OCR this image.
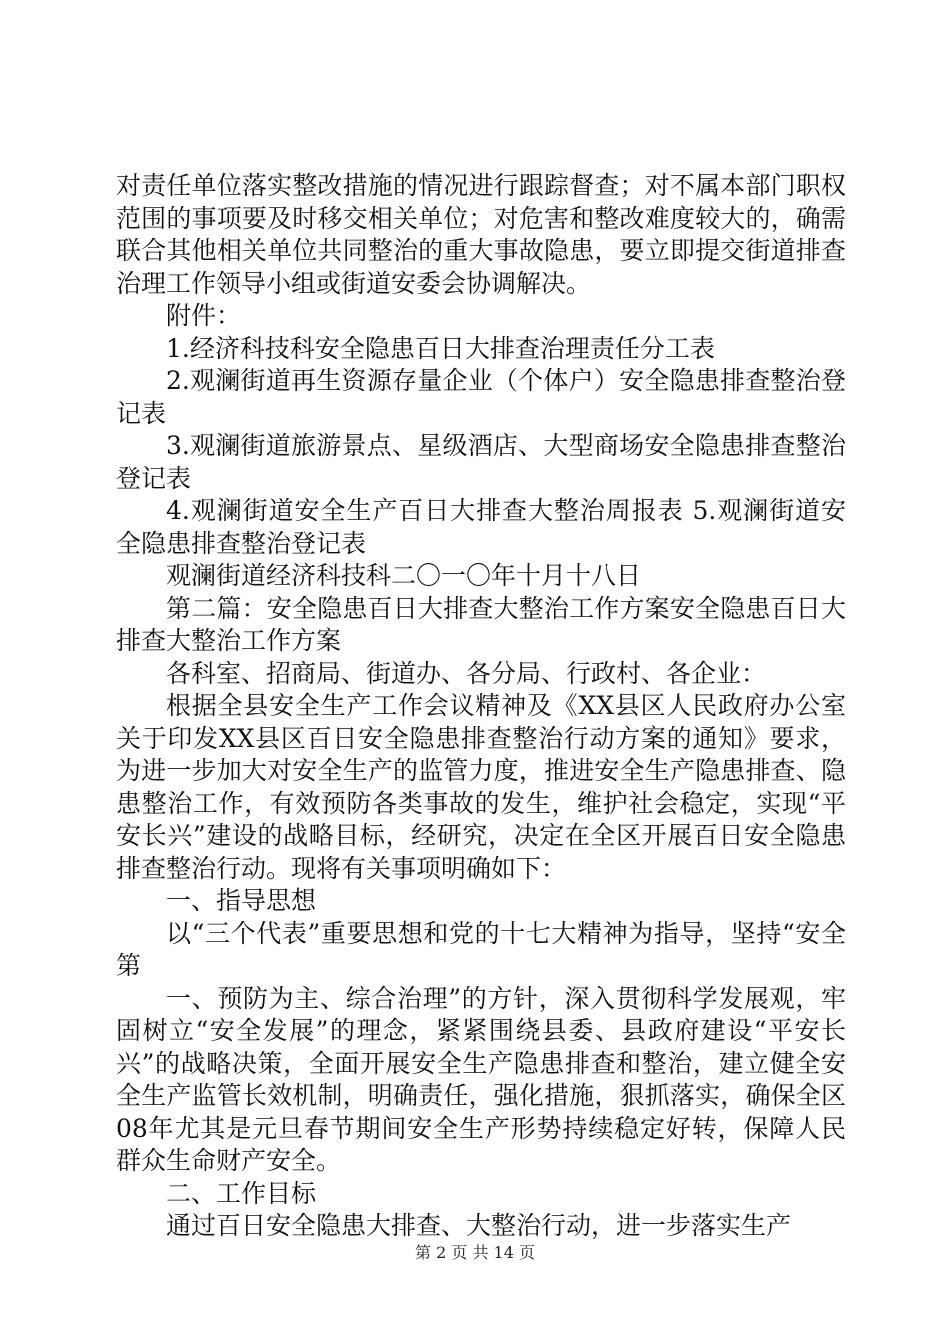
对责任单位落实整改措施的情况进行跟踪督查；对不属本部门职权范围的事项要及时移交相关单位；对危害和整改难度较大的，确需联合其他相关单位共同整治的重大事故隐患，要立即提交街道排查治理工作领导小组或街道安委会协调解决。

附件：

1.经济科技科安全隐患百日大排查治理责任分工表

2.观澜街道再生资源存量企业（个体户）安全隐患排查整治登记表

3.观澜街道旅游景点、星级酒店、大型商场安全隐患排查整治登记表

4.观澜街道安全生产百日大排查大整治周报表 5.观澜街道安全隐患排查整治登记表

观澜街道经济科技科二〇一〇年十月十八日

第二篇：安全隐患百日大排查大整治工作方案安全隐患百日大排查大整治工作方案

各科室、招商局、街道办、各分局、行政村、各企业：

根据全县安全生产工作会议精神及《XX县区人民政府办公室关于印发XX县区百日安全隐患排查整治行动方案的通知》要求，为进一步加大对安全生产的监管力度，推进安全生产隐患排查、隐患整治工作，有效预防各类事故的发生，维护社会稳定，实现“平安长兴”建设的战略目标，经研究，决定在全区开展百日安全隐患排查整治行动。现将有关事项明确如下：

一、指导思想

以“三个代表”重要思想和党的十七大精神为指导，坚持“安全第

一、预防为主、综合治理”的方针，深入贯彻科学发展观，牢固树立“安全发展”的理念，紧紧围绕县委、县政府建设“平安长兴”的战略决策，全面开展安全生产隐患排查和整治，建立健全安全生产监管长效机制，明确责任，强化措施，狠抓落实，确保全区08年尤其是元旦春节期间安全生产形势持续稳定好转，保障人民群众生命财产安全。

二、工作目标

通过百日安全隐患大排查、大整治行动，进一步落实生产

第 2 页 共 14 页
